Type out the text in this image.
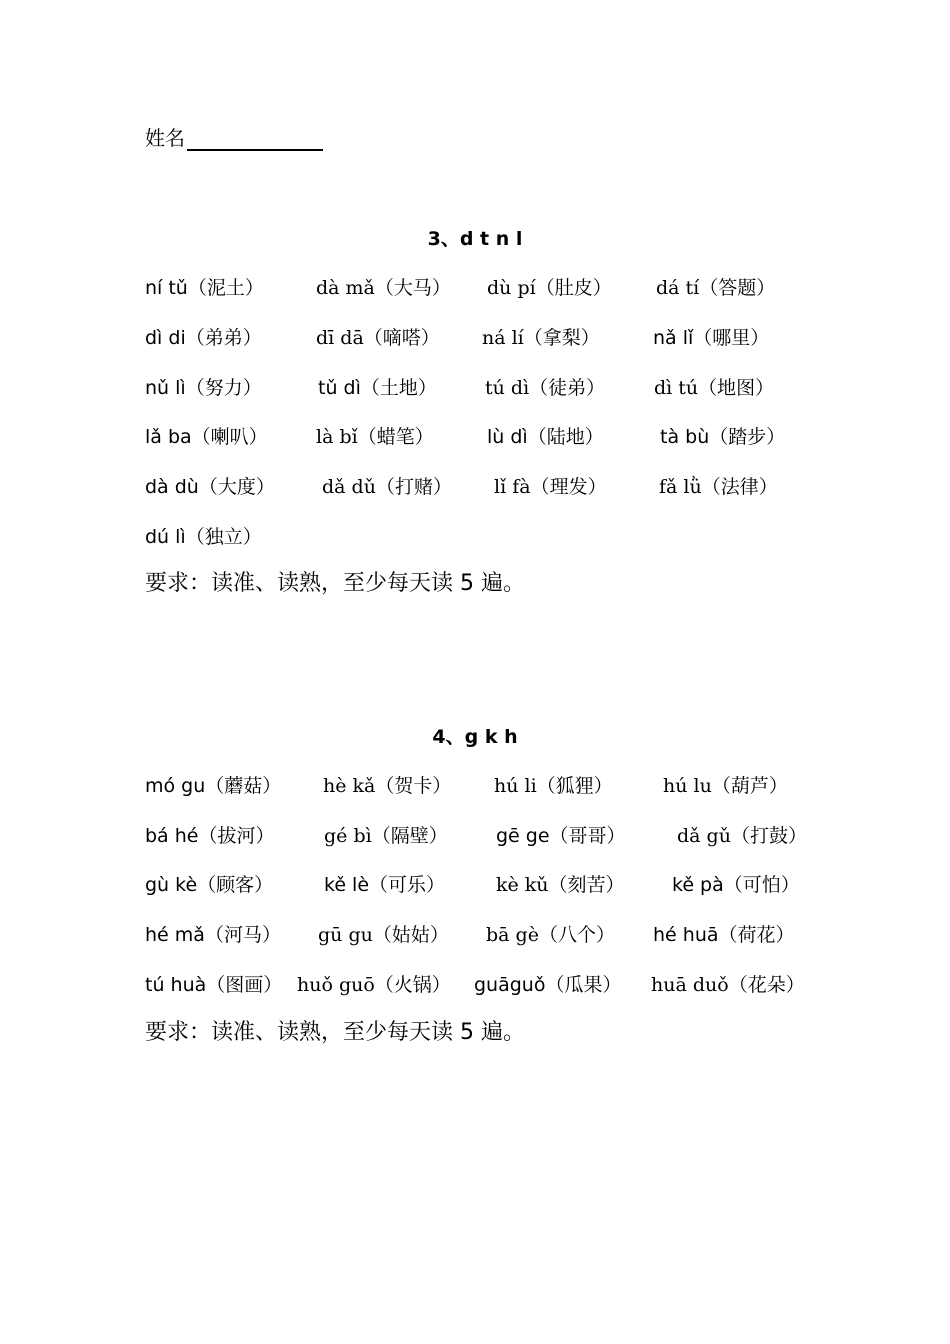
姓名
3、d t n l
ní tǔ（泥土）	dà mǎ（大马） dù pí（肚皮） dá tí（答题）
dì di（弟弟）	dī dā（嘀嗒） ná lí（拿梨）	nǎ lǐ（哪里）
nǔ lì（努力）	tǔ dì（土地）	tú dì（徒弟）	dì tú（地图）
lǎ ba（喇叭）	là bǐ（蜡笔）	lù dì（陆地）	tà bù（踏步）
dà dù（大度） dǎ dǔ（打赌） lǐ fà（理发）	fǎ lǜ（法律）
dú lì（独立）
要求：读准、读熟，至少每天读 5 遍。
4、g k h
mó gu（蘑菇） hè kǎ（贺卡） hú li（狐狸）	hú lu（葫芦）
bá hé（拔河）	gé bì（隔壁）	gē ge（哥哥）	dǎ gǔ（打鼓）
gù kè（顾客）	kě lè（可乐）	kè kǔ（刻苦） kě pà（可怕）
hé mǎ（河马） gū gu（姑姑） bā gè（八个） hé huā（荷花）
tú huà（图画） huǒ guō（火锅） guāguǒ（瓜果） huā duǒ（花朵）
要求：读准、读熟，至少每天读 5 遍。
